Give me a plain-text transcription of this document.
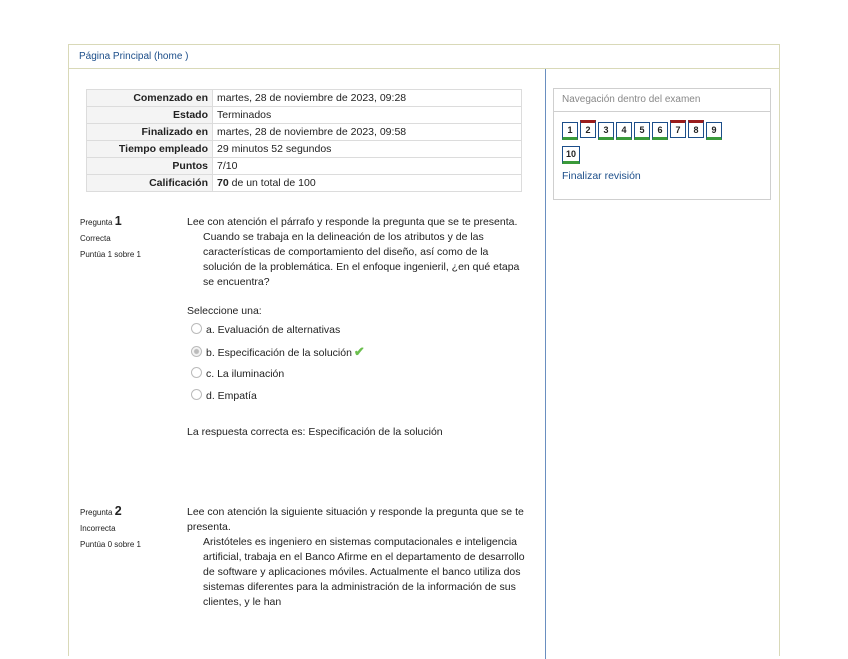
Página Principal (home )
Comenzado en	martes, 28 de noviembre de 2023, 09:28
Estado	Terminados
Finalizado en	martes, 28 de noviembre de 2023, 09:58
Tiempo empleado	29 minutos 52 segundos
Puntos	7/10
Calificación	70 de un total de 100
Pregunta 1
Correcta
Puntúa 1 sobre 1
Lee con atención el párrafo y responde la pregunta que se te presenta.
Cuando se trabaja en la delineación de los atributos y de las características de comportamiento del diseño, así como de la solución de la problemática. En el enfoque ingenieril, ¿en qué etapa se encuentra?
Seleccione una:
a. Evaluación de alternativas
b. Especificación de la solución ✔
c. La iluminación
d. Empatía
La respuesta correcta es: Especificación de la solución
Pregunta 2
Incorrecta
Puntúa 0 sobre 1
Lee con atención la siguiente situación y responde la pregunta que se te presenta.
Aristóteles es ingeniero en sistemas computacionales e inteligencia artificial, trabaja en el Banco Afirme en el departamento de desarrollo de software y aplicaciones móviles. Actualmente el banco utiliza dos sistemas diferentes para la administración de la información de sus clientes, y le han
Navegación dentro del examen
1 2 3 4 5 6 7 8 9
10
Finalizar revisión
